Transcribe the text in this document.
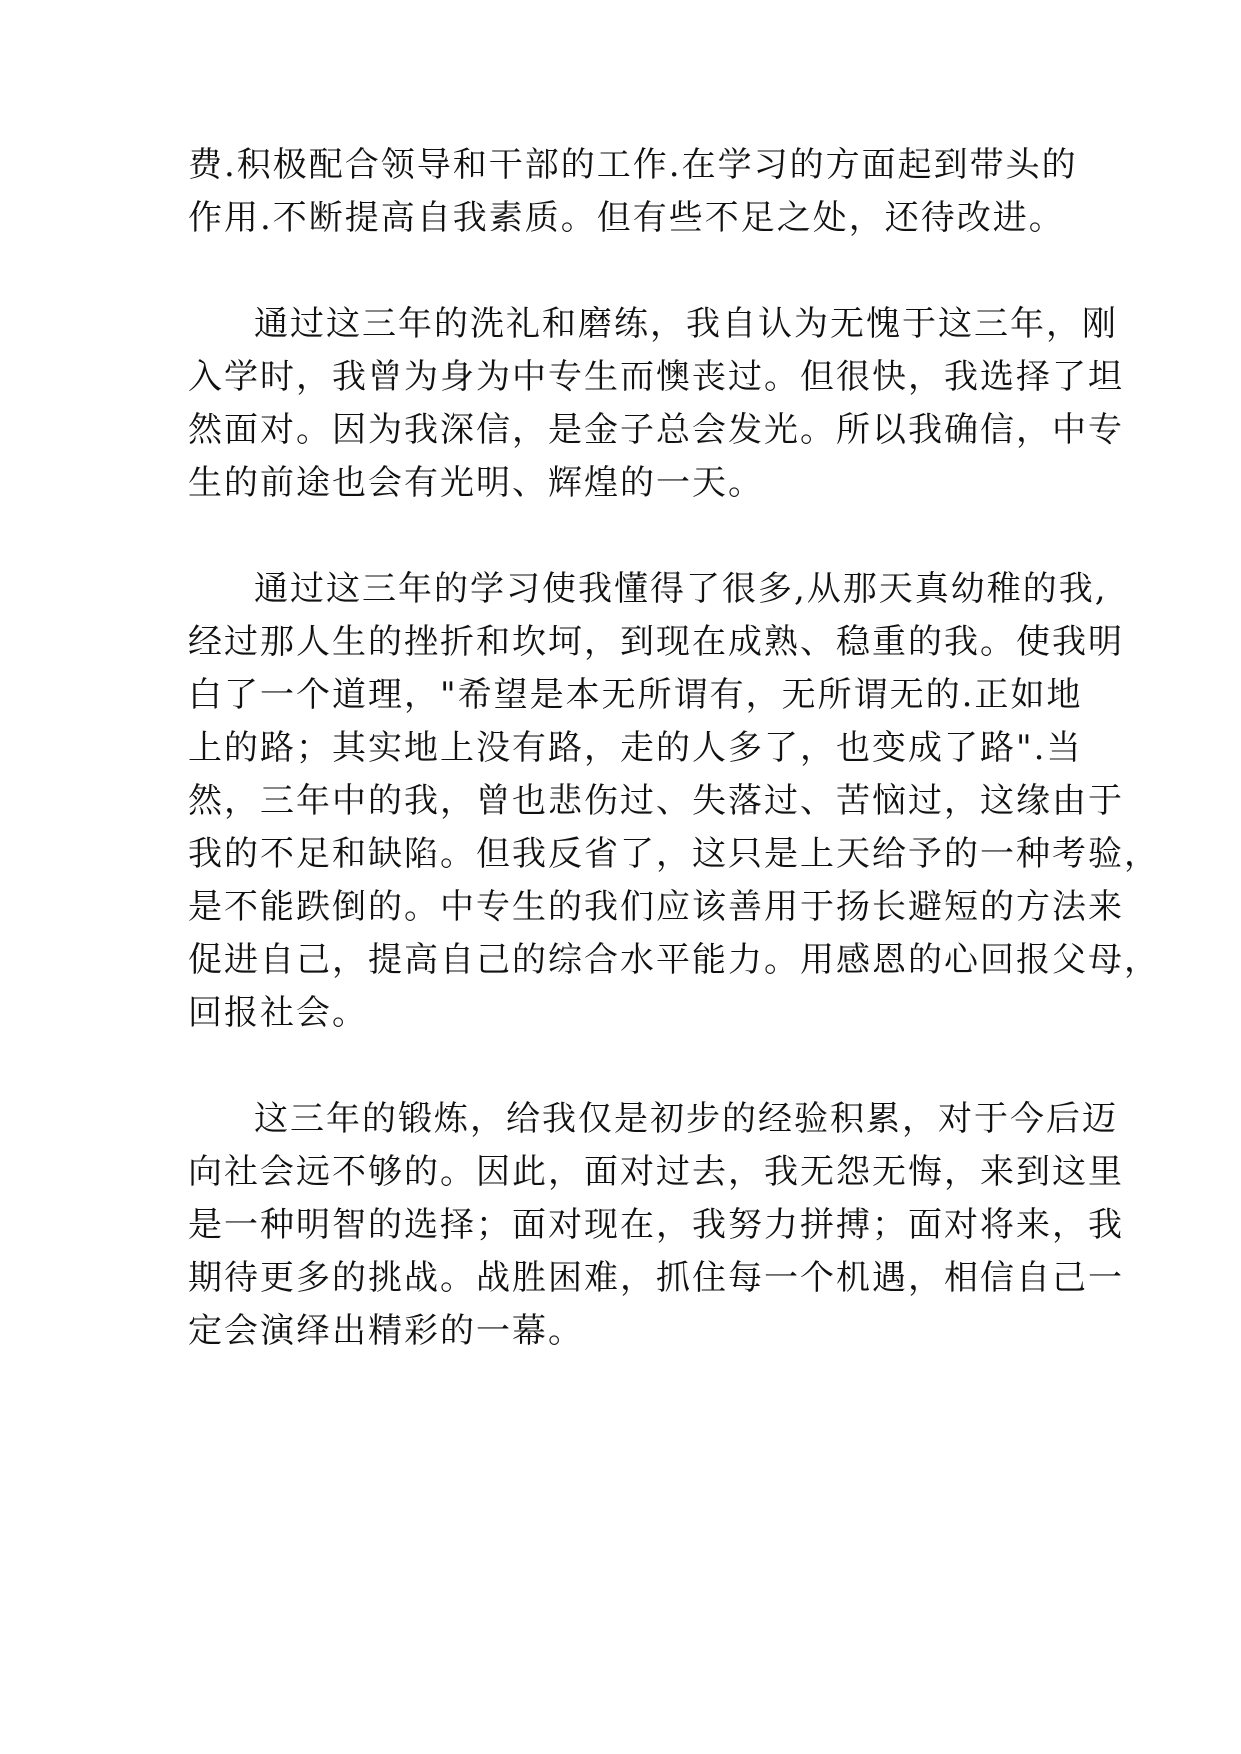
费.积极配合领导和干部的工作.在学习的方面起到带头的

作用.不断提高自我素质。但有些不足之处，还待改进。

通过这三年的洗礼和磨练，我自认为无愧于这三年，刚

入学时，我曾为身为中专生而懊丧过。但很快，我选择了坦

然面对。因为我深信，是金子总会发光。所以我确信，中专

生的前途也会有光明、辉煌的一天。

通过这三年的学习使我懂得了很多,从那天真幼稚的我,

经过那人生的挫折和坎坷，到现在成熟、稳重的我。使我明

白了一个道理，"希望是本无所谓有，无所谓无的.正如地

上的路；其实地上没有路，走的人多了，也变成了路".当

然，三年中的我，曾也悲伤过、失落过、苦恼过，这缘由于

我的不足和缺陷。但我反省了，这只是上天给予的一种考验，

是不能跌倒的。中专生的我们应该善用于扬长避短的方法来

促进自己，提高自己的综合水平能力。用感恩的心回报父母，

回报社会。

这三年的锻炼，给我仅是初步的经验积累，对于今后迈

向社会远不够的。因此，面对过去，我无怨无悔，来到这里

是一种明智的选择；面对现在，我努力拼搏；面对将来，我

期待更多的挑战。战胜困难，抓住每一个机遇，相信自己一

定会演绎出精彩的一幕。
